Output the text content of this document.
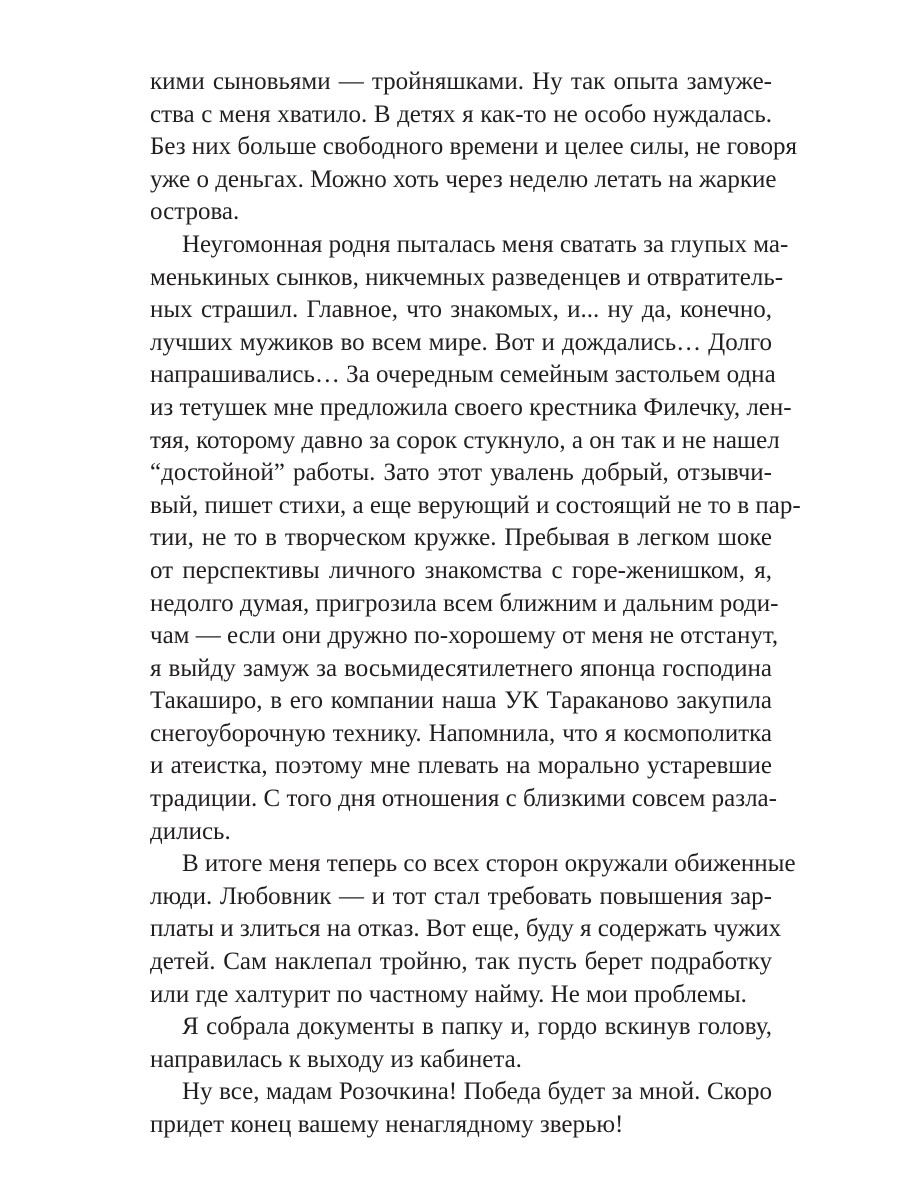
кими сыновьями — тройняшками. Ну так опыта замуже-
ства с меня хватило. В детях я как-то не особо нуждалась.
Без них больше свободного времени и целее силы, не говоря
уже о деньгах. Можно хоть через неделю летать на жаркие
острова.

Неугомонная родня пыталась меня сватать за глупых ма-
менькиных сынков, никчемных разведенцев и отвратитель-
ных страшил. Главное, что знакомых, и... ну да, конечно,
лучших мужиков во всем мире. Вот и дождались… Долго
напрашивались… За очередным семейным застольем одна
из тетушек мне предложила своего крестника Филечку, лен-
тяя, которому давно за сорок стукнуло, а он так и не нашел
“достойной” работы. Зато этот увалень добрый, отзывчи-
вый, пишет стихи, а еще верующий и состоящий не то в пар-
тии, не то в творческом кружке. Пребывая в легком шоке
от перспективы личного знакомства с горе-женишком, я,
недолго думая, пригрозила всем ближним и дальним роди-
чам — если они дружно по-хорошему от меня не отстанут,
я выйду замуж за восьмидесятилетнего японца господина
Такаширо, в его компании наша УК Тараканово закупила
снегоуборочную технику. Напомнила, что я космополитка
и атеистка, поэтому мне плевать на морально устаревшие
традиции. С того дня отношения с близкими совсем разла-
дились.

В итоге меня теперь со всех сторон окружали обиженные
люди. Любовник — и тот стал требовать повышения зар-
платы и злиться на отказ. Вот еще, буду я содержать чужих
детей. Сам наклепал тройню, так пусть берет подработку
или где халтурит по частному найму. Не мои проблемы.

Я собрала документы в папку и, гордо вскинув голову,
направилась к выходу из кабинета.

Ну все, мадам Розочкина! Победа будет за мной. Скоро
придет конец вашему ненаглядному зверью!
